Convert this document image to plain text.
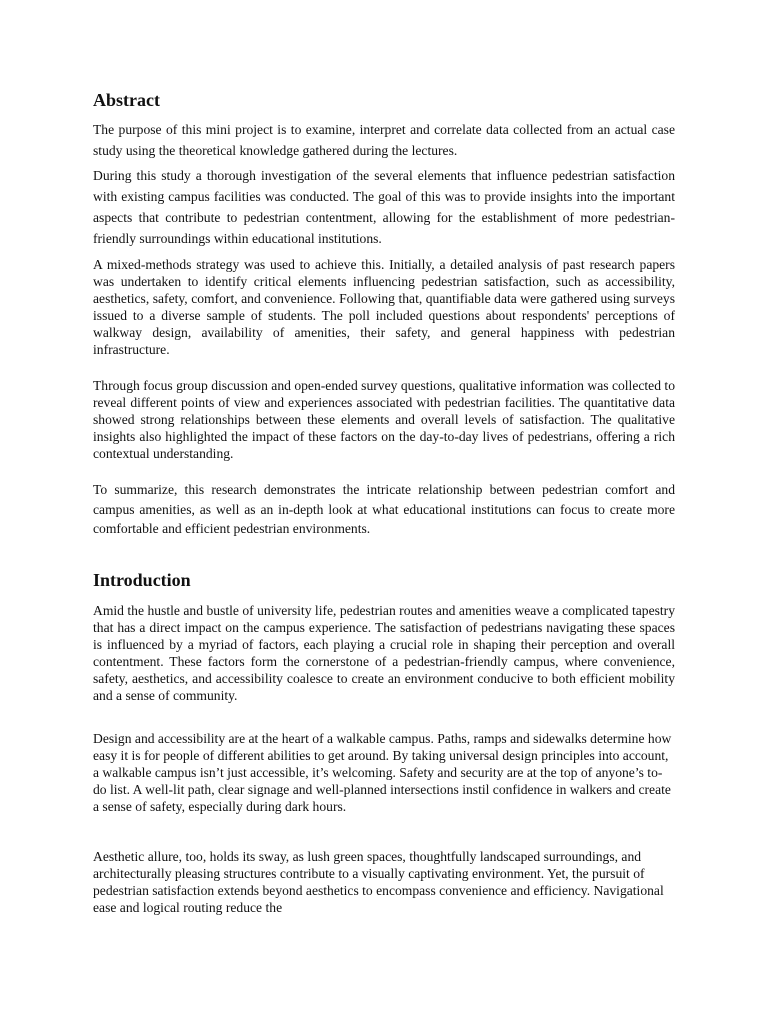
Abstract

The purpose of this mini project is to examine, interpret and correlate data collected from an actual case study using the theoretical knowledge gathered during the lectures.

During this study a thorough investigation of the several elements that influence pedestrian satisfaction with existing campus facilities was conducted. The goal of this was to provide insights into the important aspects that contribute to pedestrian contentment, allowing for the establishment of more pedestrian-friendly surroundings within educational institutions.

A mixed-methods strategy was used to achieve this. Initially, a detailed analysis of past research papers was undertaken to identify critical elements influencing pedestrian satisfaction, such as accessibility, aesthetics, safety, comfort, and convenience. Following that, quantifiable data were gathered using surveys issued to a diverse sample of students. The poll included questions about respondents' perceptions of walkway design, availability of amenities, their safety, and general happiness with pedestrian infrastructure.

Through focus group discussion and open-ended survey questions, qualitative information was collected to reveal different points of view and experiences associated with pedestrian facilities. The quantitative data showed strong relationships between these elements and overall levels of satisfaction. The qualitative insights also highlighted the impact of these factors on the day-to-day lives of pedestrians, offering a rich contextual understanding.

To summarize, this research demonstrates the intricate relationship between pedestrian comfort and campus amenities, as well as an in-depth look at what educational institutions can focus to create more comfortable and efficient pedestrian environments.

Introduction

Amid the hustle and bustle of university life, pedestrian routes and amenities weave a complicated tapestry that has a direct impact on the campus experience. The satisfaction of pedestrians navigating these spaces is influenced by a myriad of factors, each playing a crucial role in shaping their perception and overall contentment. These factors form the cornerstone of a pedestrian-friendly campus, where convenience, safety, aesthetics, and accessibility coalesce to create an environment conducive to both efficient mobility and a sense of community.

Design and accessibility are at the heart of a walkable campus. Paths, ramps and sidewalks determine how easy it is for people of different abilities to get around. By taking universal design principles into account, a walkable campus isn’t just accessible, it’s welcoming. Safety and security are at the top of anyone’s to-do list. A well-lit path, clear signage and well-planned intersections instil confidence in walkers and create a sense of safety, especially during dark hours.

Aesthetic allure, too, holds its sway, as lush green spaces, thoughtfully landscaped surroundings, and architecturally pleasing structures contribute to a visually captivating environment. Yet, the pursuit of pedestrian satisfaction extends beyond aesthetics to encompass convenience and efficiency. Navigational ease and logical routing reduce the
